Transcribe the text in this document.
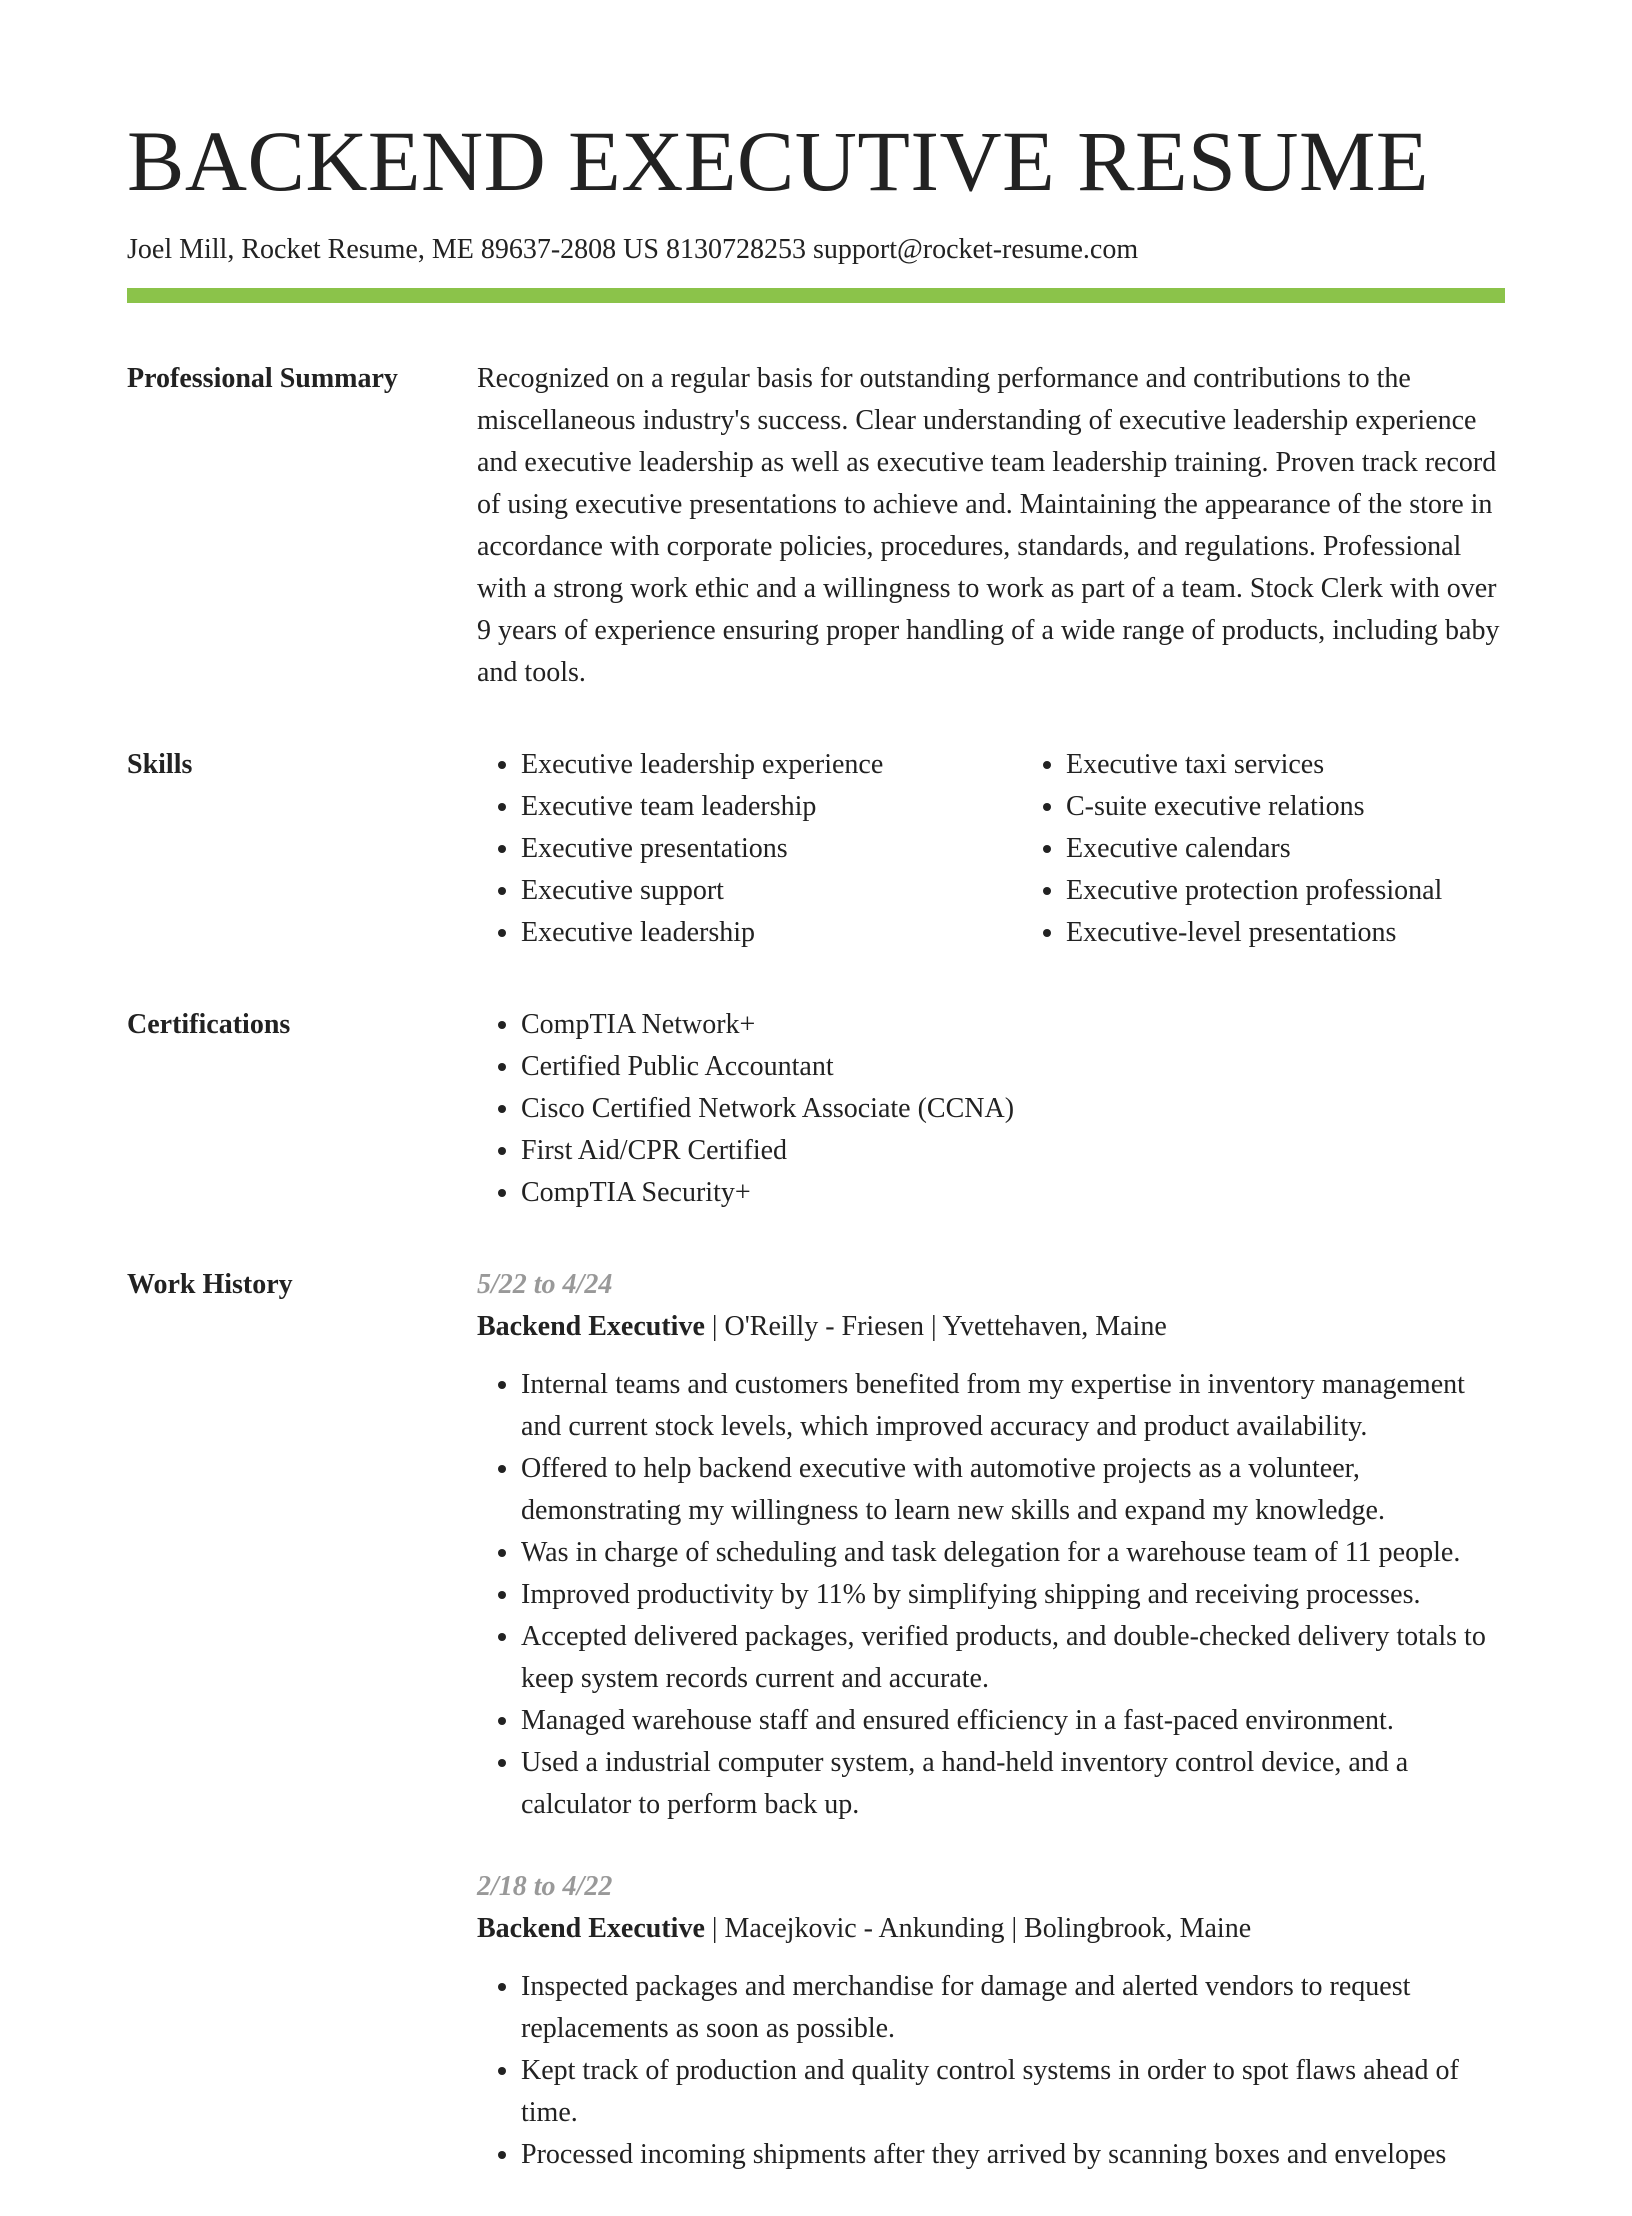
BACKEND EXECUTIVE RESUME
Joel Mill, Rocket Resume, ME 89637-2808 US 8130728253 support@rocket-resume.com
Professional Summary	Recognized on a regular basis for outstanding performance and contributions to the miscellaneous industry's success. Clear understanding of executive leadership experience and executive leadership as well as executive team leadership training. Proven track record of using executive presentations to achieve and. Maintaining the appearance of the store in accordance with corporate policies, procedures, standards, and regulations. Professional with a strong work ethic and a willingness to work as part of a team. Stock Clerk with over 9 years of experience ensuring proper handling of a wide range of products, including baby and tools.

Skills	• Executive leadership experience
• Executive team leadership
• Executive presentations
• Executive support
• Executive leadership
• Executive taxi services
• C-suite executive relations
• Executive calendars
• Executive protection professional
• Executive-level presentations
Certifications	• CompTIA Network+
• Certified Public Accountant
• Cisco Certified Network Associate (CCNA)
• First Aid/CPR Certified
• CompTIA Security+
Work History	5/22 to 4/24
Backend Executive | O'Reilly - Friesen | Yvettehaven, Maine
• Internal teams and customers benefited from my expertise in inventory management and current stock levels, which improved accuracy and product availability.
• Offered to help backend executive with automotive projects as a volunteer, demonstrating my willingness to learn new skills and expand my knowledge.
• Was in charge of scheduling and task delegation for a warehouse team of 11 people.
• Improved productivity by 11% by simplifying shipping and receiving processes.
• Accepted delivered packages, verified products, and double-checked delivery totals to keep system records current and accurate.
• Managed warehouse staff and ensured efficiency in a fast-paced environment.
• Used a industrial computer system, a hand-held inventory control device, and a calculator to perform back up.
2/18 to 4/22
Backend Executive | Macejkovic - Ankunding | Bolingbrook, Maine
• Inspected packages and merchandise for damage and alerted vendors to request replacements as soon as possible.
• Kept track of production and quality control systems in order to spot flaws ahead of time.
• Processed incoming shipments after they arrived by scanning boxes and envelopes
